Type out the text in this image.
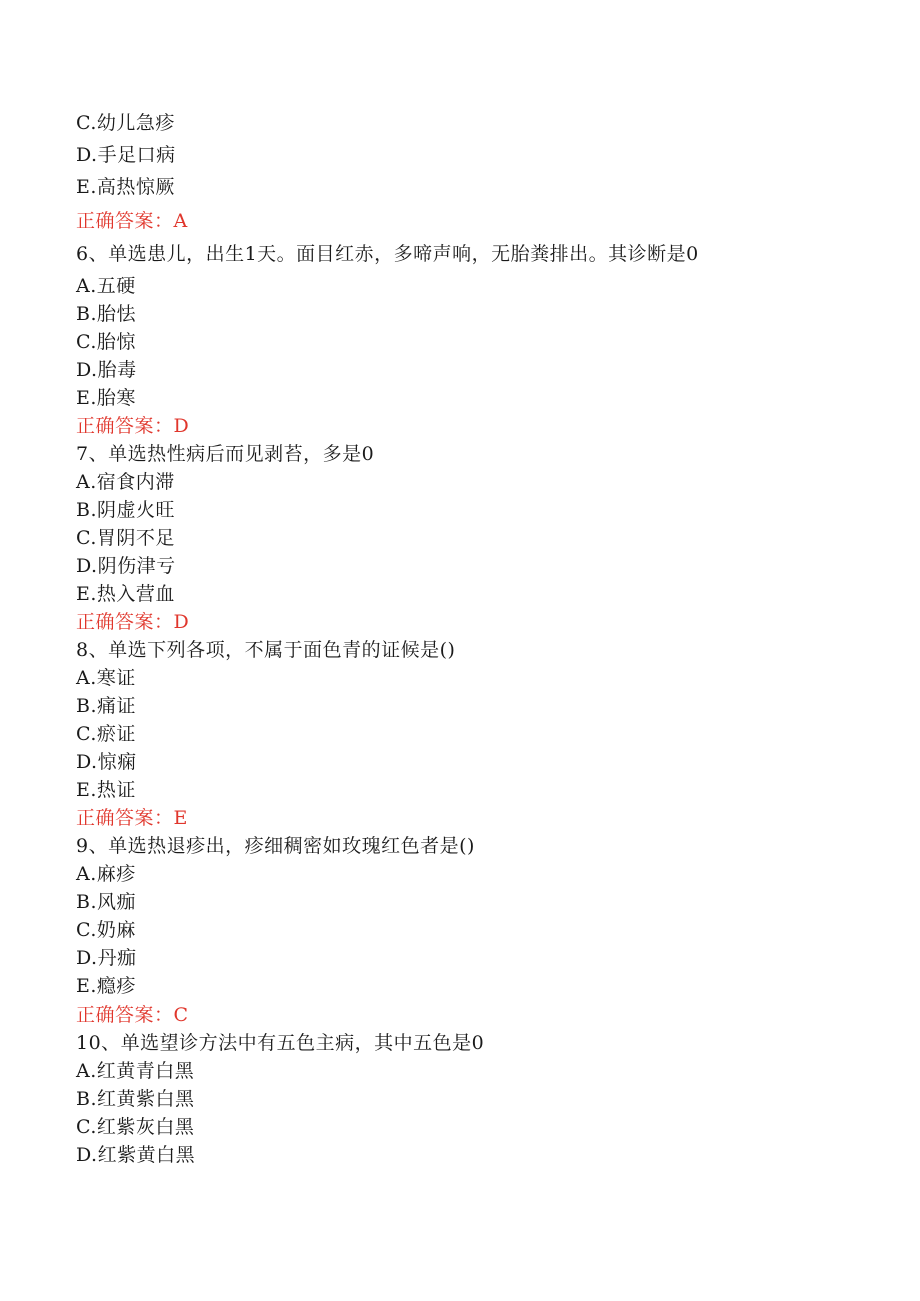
C.幼儿急疹
D.手足口病
E.高热惊厥
正确答案：A
6、单选患儿，出生1天。面目红赤，多啼声响，无胎粪排出。其诊断是0
A.五硬
B.胎怯
C.胎惊
D.胎毒
E.胎寒
正确答案：D
7、单选热性病后而见剥苔，多是0
A.宿食内滞
B.阴虚火旺
C.胃阴不足
D.阴伤津亏
E.热入营血
正确答案：D
8、单选下列各项，不属于面色青的证候是()
A.寒证
B.痛证
C.瘀证
D.惊痫
E.热证
正确答案：E
9、单选热退疹出，疹细稠密如玫瑰红色者是()
A.麻疹
B.风痂
C.奶麻
D.丹痂
E.瘾疹
正确答案：C
10、单选望诊方法中有五色主病，其中五色是0
A.红黄青白黑
B.红黄紫白黑
C.红紫灰白黑
D.红紫黄白黑
